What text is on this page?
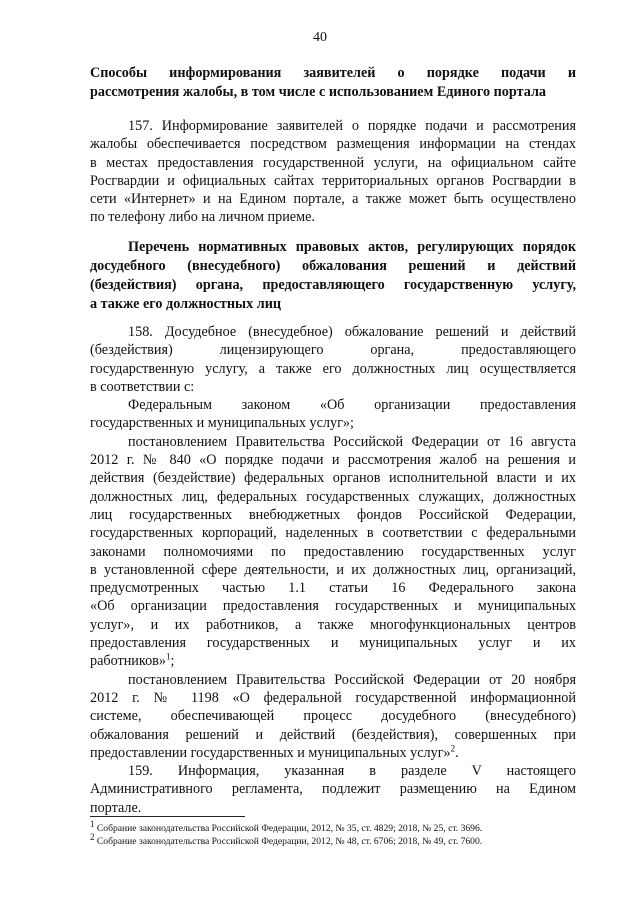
40
Способы информирования заявителей о порядке подачи и
рассмотрения жалобы, в том числе с использованием Единого портала
157. Информирование заявителей о порядке подачи и рассмотрения
жалобы обеспечивается посредством размещения информации на стендах
в местах предоставления государственной услуги, на официальном сайте
Росгвардии и официальных сайтах территориальных органов Росгвардии в
сети «Интернет» и на Едином портале, а также может быть осуществлено
по телефону либо на личном приеме.
Перечень нормативных правовых актов, регулирующих порядок
досудебного (внесудебного) обжалования решений и действий
(бездействия) органа, предоставляющего государственную услугу,
а также его должностных лиц
158. Досудебное (внесудебное) обжалование решений и действий
(бездействия) лицензирующего органа, предоставляющего
государственную услугу, а также его должностных лиц осуществляется
в соответствии с:
Федеральным законом «Об организации предоставления
государственных и муниципальных услуг»;
постановлением Правительства Российской Федерации от 16 августа
2012 г. № 840 «О порядке подачи и рассмотрения жалоб на решения и
действия (бездействие) федеральных органов исполнительной власти и их
должностных лиц, федеральных государственных служащих, должностных
лиц государственных внебюджетных фондов Российской Федерации,
государственных корпораций, наделенных в соответствии с федеральными
законами полномочиями по предоставлению государственных услуг
в установленной сфере деятельности, и их должностных лиц, организаций,
предусмотренных частью 1.1 статьи 16 Федерального закона
«Об организации предоставления государственных и муниципальных
услуг», и их работников, а также многофункциональных центров
предоставления государственных и муниципальных услуг и их
работников»$^1$;
постановлением Правительства Российской Федерации от 20 ноября
2012 г. № 1198 «О федеральной государственной информационной
системе, обеспечивающей процесс досудебного (внесудебного)
обжалования решений и действий (бездействия), совершенных при
предоставлении государственных и муниципальных услуг»$^2$.
159. Информация, указанная в разделе V настоящего
Административного регламента, подлежит размещению на Едином
портале.
$^1$ Собрание законодательства Российской Федерации, 2012, № 35, ст. 4829; 2018, № 25, ст. 3696.
$^2$ Собрание законодательства Российской Федерации, 2012, № 48, ст. 6706; 2018, № 49, ст. 7600.
